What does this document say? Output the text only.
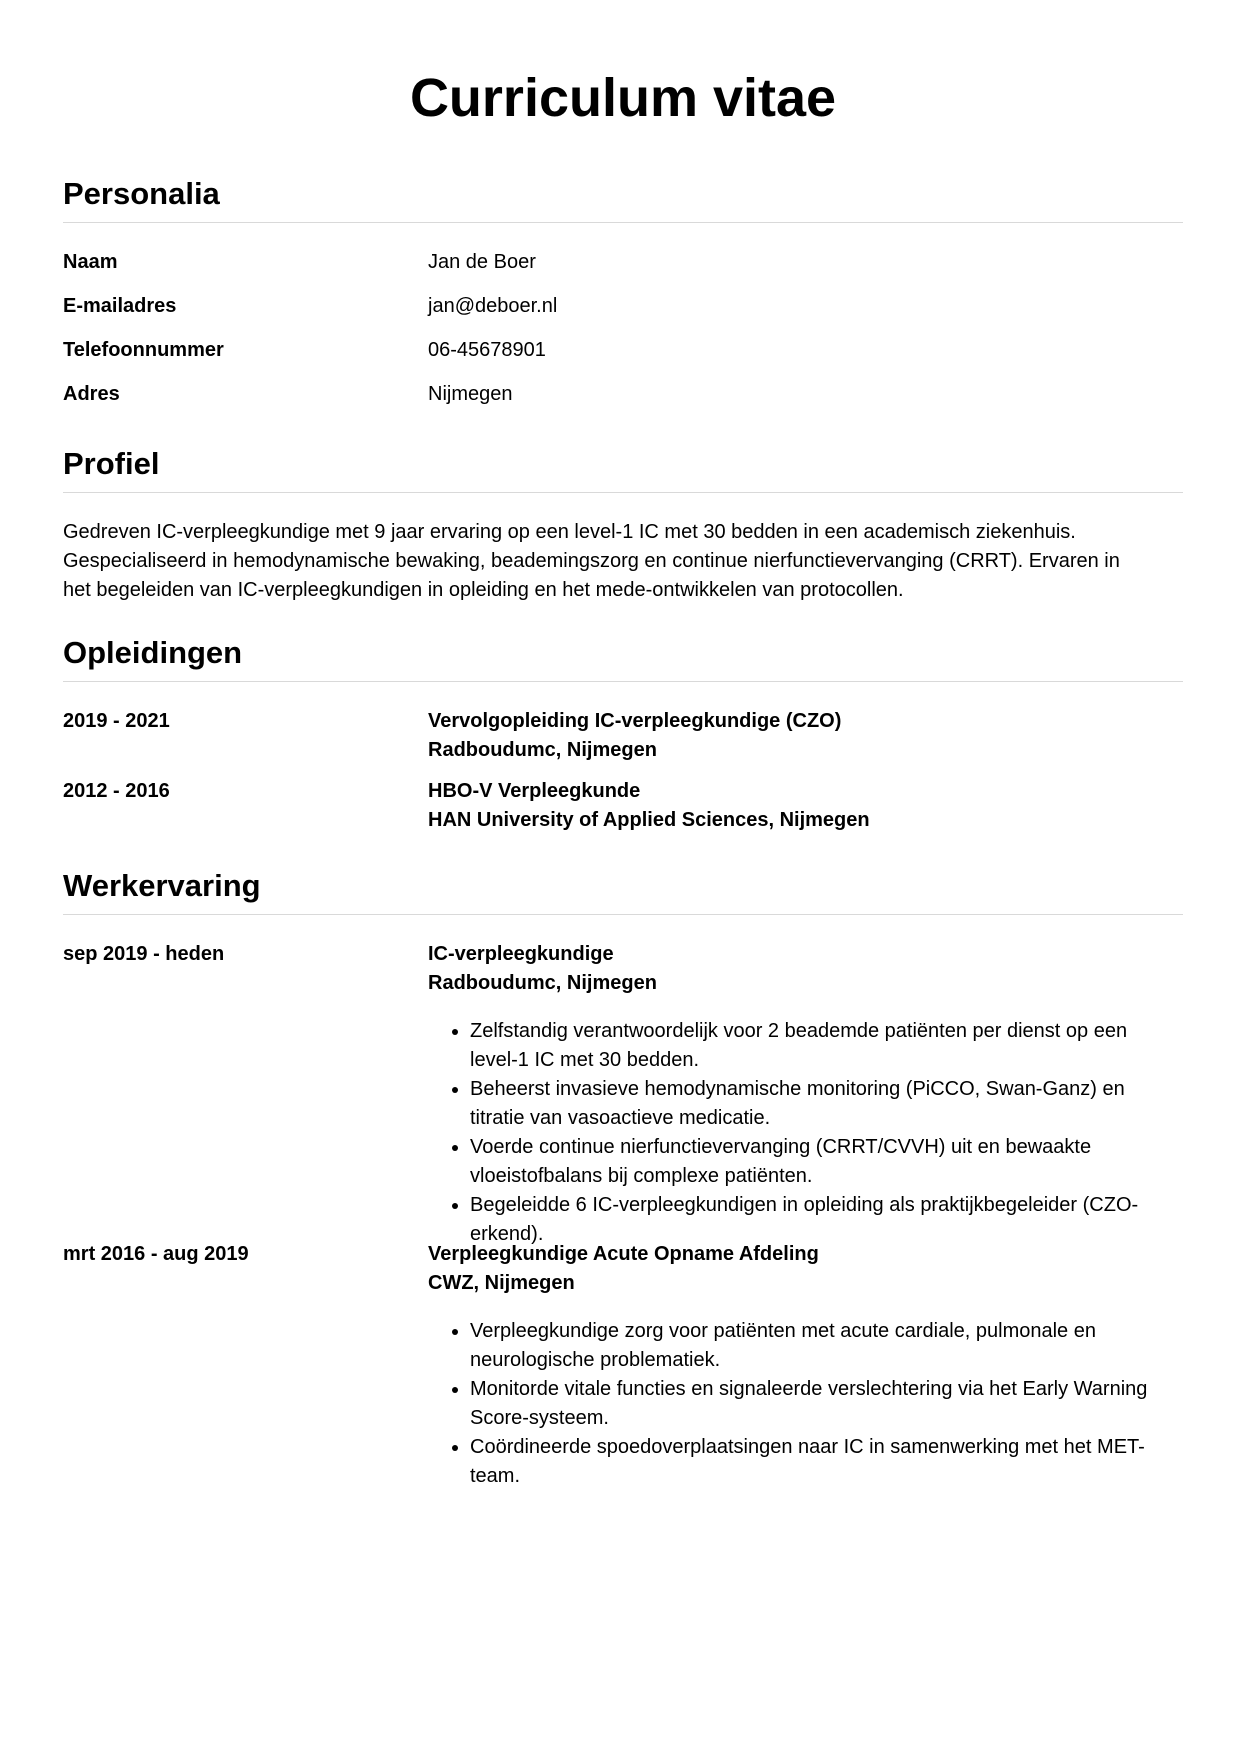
Curriculum vitae
Personalia
Naam	Jan de Boer
E-mailadres	jan@deboer.nl
Telefoonnummer	06-45678901
Adres	Nijmegen
Profiel
Gedreven IC-verpleegkundige met 9 jaar ervaring op een level-1 IC met 30 bedden in een academisch ziekenhuis.
Gespecialiseerd in hemodynamische bewaking, beademingszorg en continue nierfunctievervanging (CRRT). Ervaren in
het begeleiden van IC-verpleegkundigen in opleiding en het mede-ontwikkelen van protocollen.
Opleidingen
2019 - 2021	Vervolgopleiding IC-verpleegkundige (CZO)
Radboudumc, Nijmegen
2012 - 2016	HBO-V Verpleegkunde
HAN University of Applied Sciences, Nijmegen
Werkervaring
sep 2019 - heden	IC-verpleegkundige
Radboudumc, Nijmegen
• Zelfstandig verantwoordelijk voor 2 beademde patiënten per dienst op een
level-1 IC met 30 bedden.
• Beheerst invasieve hemodynamische monitoring (PiCCO, Swan-Ganz) en
titratie van vasoactieve medicatie.
• Voerde continue nierfunctievervanging (CRRT/CVVH) uit en bewaakte
vloeistofbalans bij complexe patiënten.
• Begeleidde 6 IC-verpleegkundigen in opleiding als praktijkbegeleider (CZO-
erkend).
mrt 2016 - aug 2019	Verpleegkundige Acute Opname Afdeling
CWZ, Nijmegen
• Verpleegkundige zorg voor patiënten met acute cardiale, pulmonale en
neurologische problematiek.
• Monitorde vitale functies en signaleerde verslechtering via het Early Warning
Score-systeem.
• Coördineerde spoedoverplaatsingen naar IC in samenwerking met het MET-
team.
